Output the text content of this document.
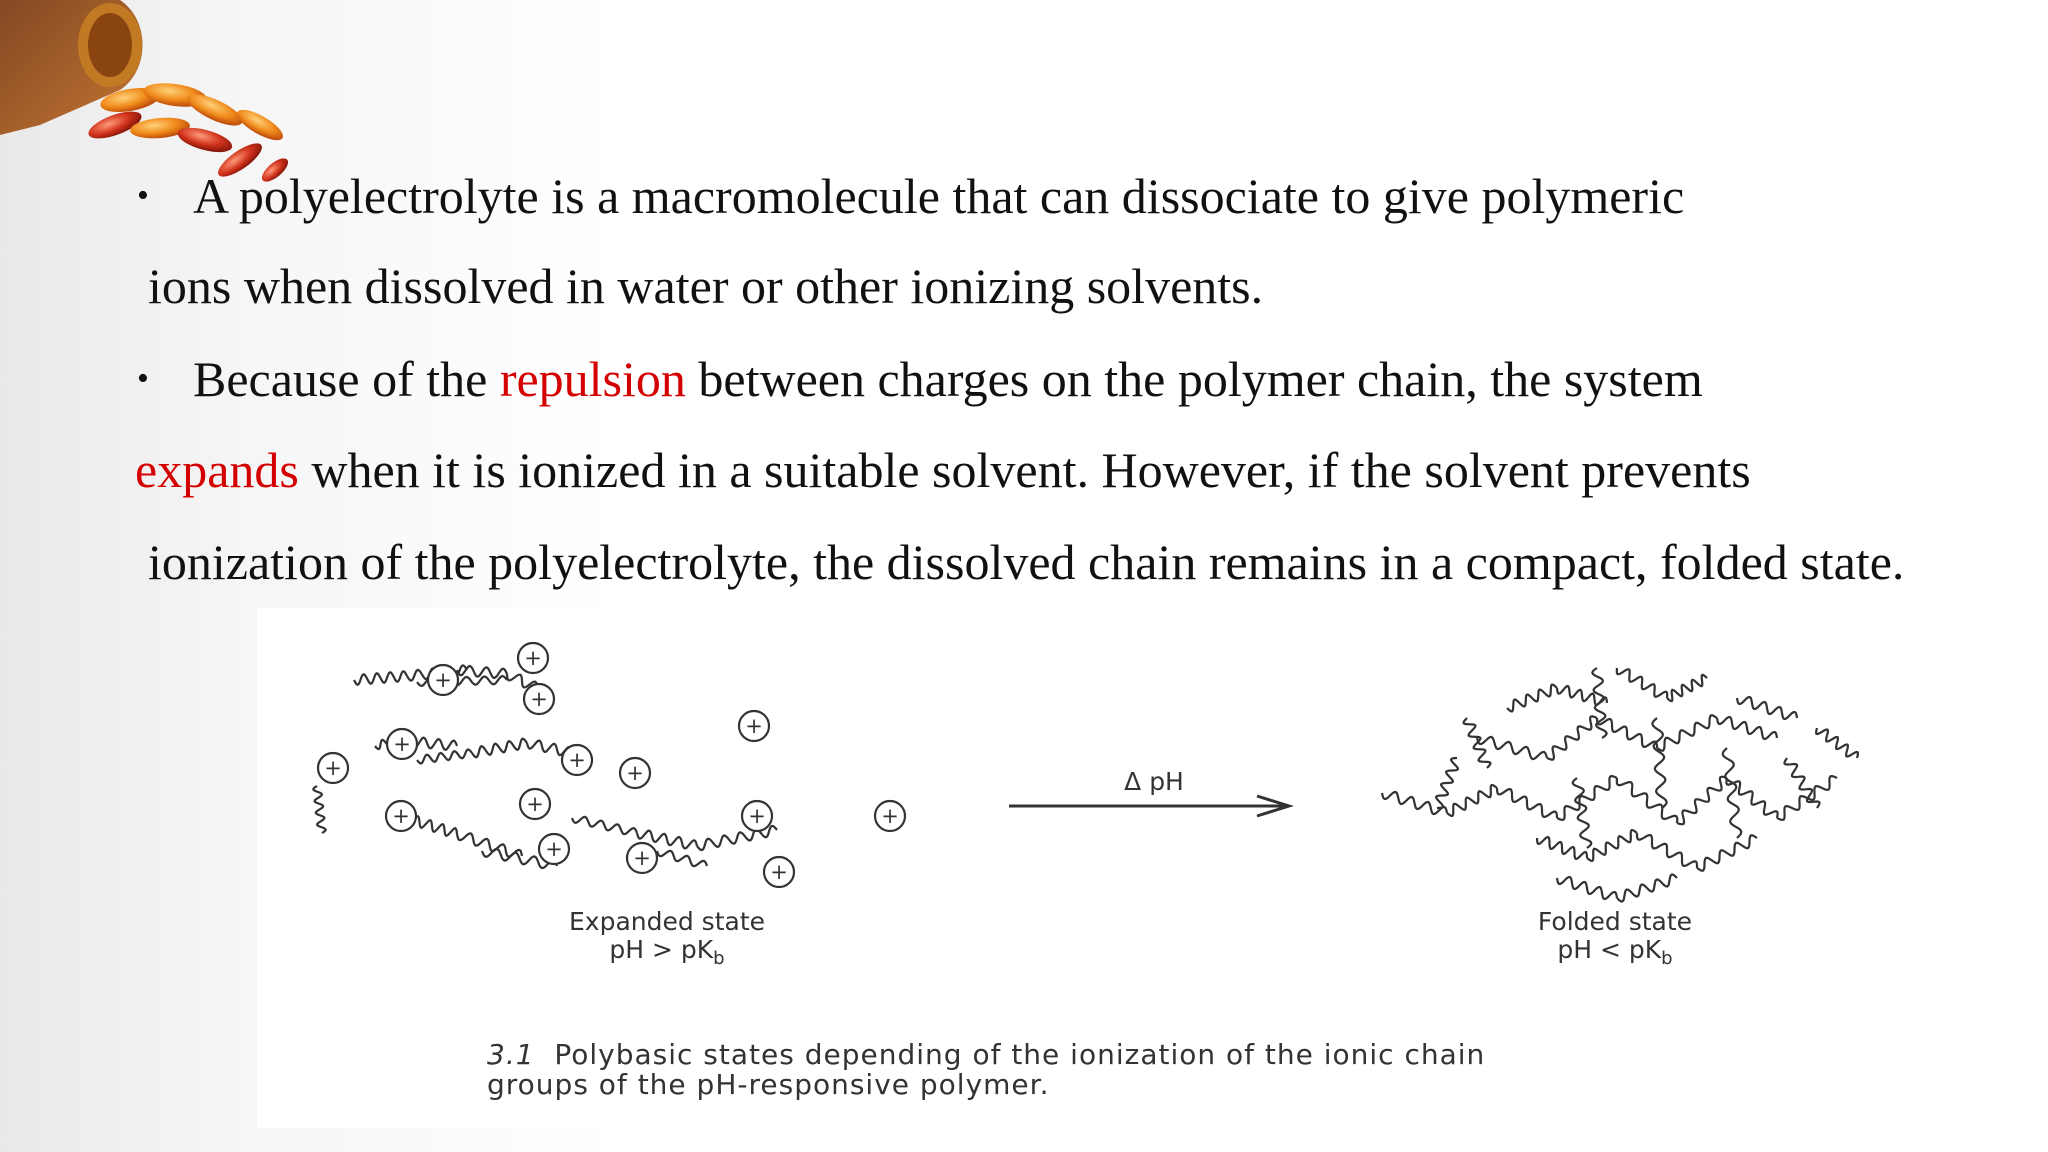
• A polyelectrolyte is a macromolecule that can dissociate to give polymeric
ions when dissolved in water or other ionizing solvents.
• Because of the repulsion between charges on the polymer chain, the system
expands when it is ionized in a suitable solvent. However, if the solvent prevents
ionization of the polyelectrolyte, the dissolved chain remains in a compact, folded state.
+
+
+
+
+
+
+
+
+
+
+	+
+	+
+
Δ pH
Expanded state
pH > $pK_b$
Folded state
pH < $pK_b$
3.1 Polybasic states depending of the ionization of the ionic chain
groups of the pH-responsive polymer.
